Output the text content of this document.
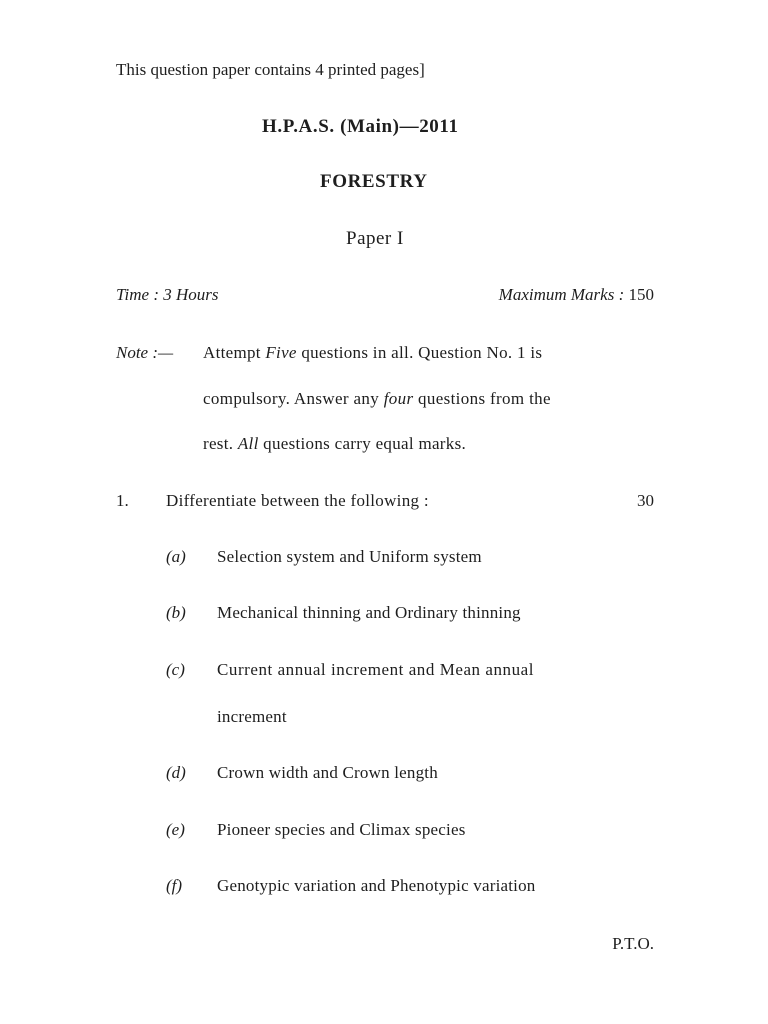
This question paper contains 4 printed pages]
H.P.A.S. (Main)—2011
FORESTRY
Paper I
Time : 3 Hours	Maximum Marks : 150
Note :— Attempt Five questions in all. Question No. 1 is
compulsory. Answer any four questions from the
rest. All questions carry equal marks.
1. Differentiate between the following :	30
(a) Selection system and Uniform system
(b) Mechanical thinning and Ordinary thinning
(c) Current annual increment and Mean annual
increment
(d) Crown width and Crown length
(e) Pioneer species and Climax species
(f) Genotypic variation and Phenotypic variation
P.T.O.
